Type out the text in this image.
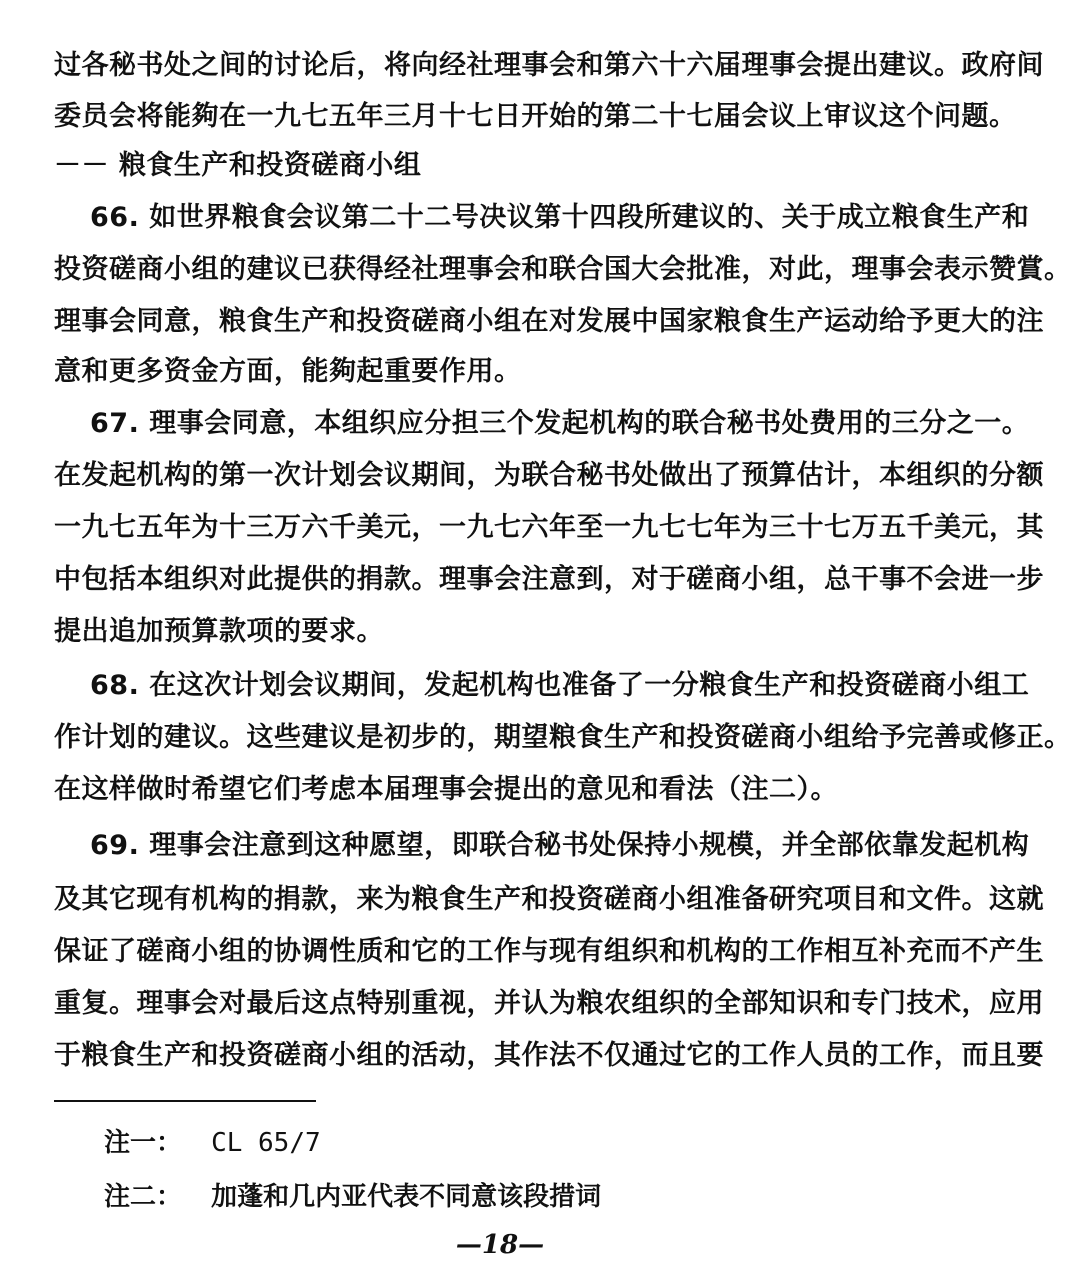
过各秘书处之间的讨论后，将向经社理事会和第六十六届理事会提出建议。政府间
委员会将能夠在一九七五年三月十七日开始的第二十七届会议上审议这个问题。
－－ 粮食生产和投资磋商小组
66. 如世界粮食会议第二十二号决议第十四段所建议的、关于成立粮食生产和
投资磋商小组的建议已获得经社理事会和联合国大会批准，对此，理事会表示赞賞。
理事会同意，粮食生产和投资磋商小组在对发展中国家粮食生产运动给予更大的注
意和更多资金方面，能夠起重要作用。
67. 理事会同意，本组织应分担三个发起机构的联合秘书处费用的三分之一。
在发起机构的第一次计划会议期间，为联合秘书处做出了预算估计，本组织的分额
一九七五年为十三万六千美元，一九七六年至一九七七年为三十七万五千美元，其
中包括本组织对此提供的捐款。理事会注意到，对于磋商小组，总干事不会进一步
提出追加预算款项的要求。
68. 在这次计划会议期间，发起机构也准备了一分粮食生产和投资磋商小组工
作计划的建议。这些建议是初步的，期望粮食生产和投资磋商小组给予完善或修正。
在这样做时希望它们考虑本届理事会提出的意见和看法（注二）。
69. 理事会注意到这种愿望，即联合秘书处保持小规模，并全部依靠发起机构
及其它现有机构的捐款，来为粮食生产和投资磋商小组准备研究项目和文件。这就
保证了磋商小组的协调性质和它的工作与现有组织和机构的工作相互补充而不产生
重复。理事会对最后这点特别重视，并认为粮农组织的全部知识和专门技术，应用
于粮食生产和投资磋商小组的活动，其作法不仅通过它的工作人员的工作，而且要
注一： CL 65/7
注二： 加蓬和几内亚代表不同意该段措词
—18—
